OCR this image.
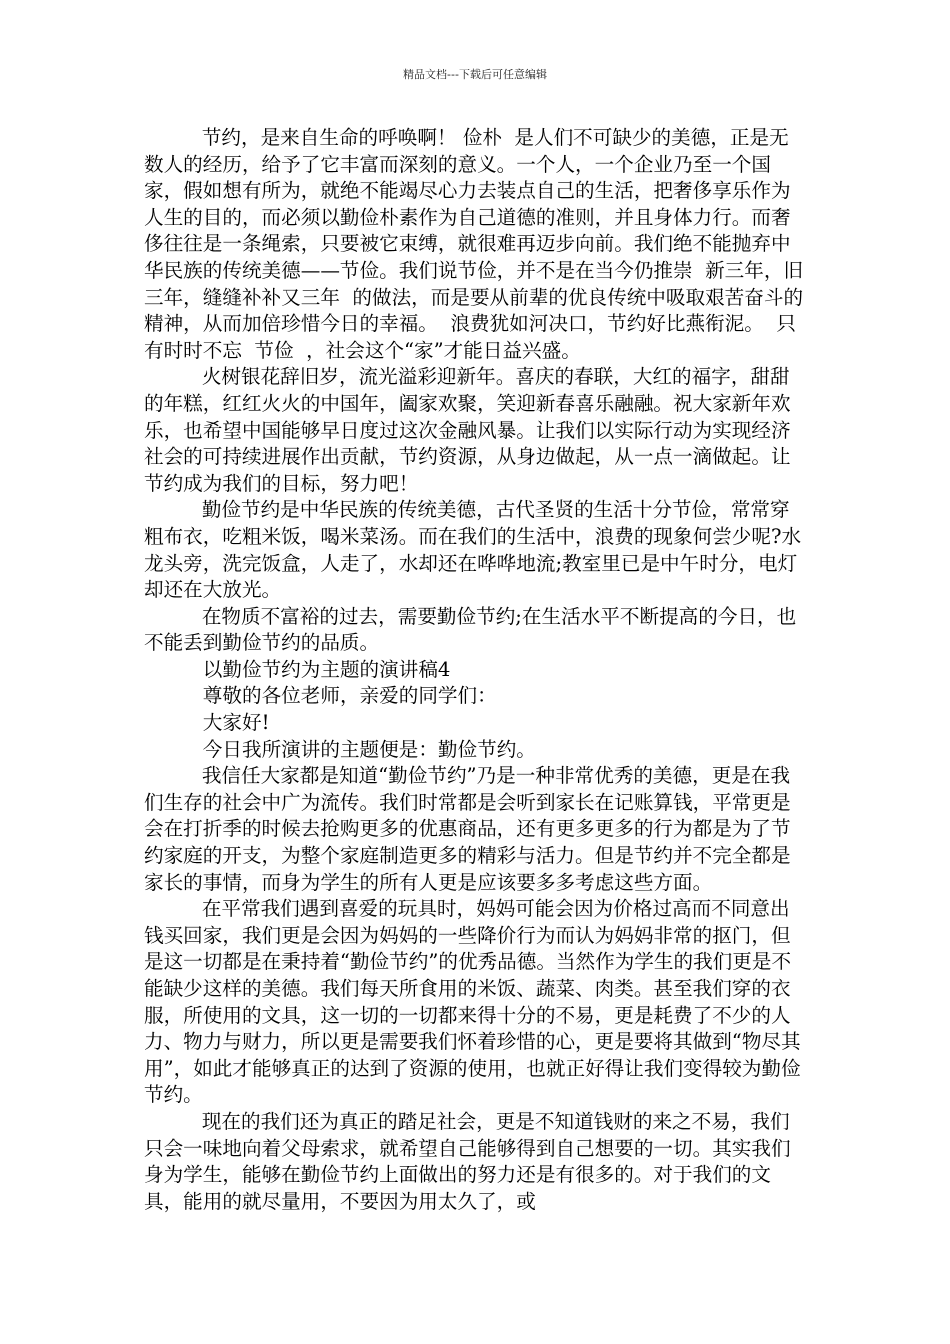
精品文档---下载后可任意编辑

节约，是来自生命的呼唤啊！ 俭朴  是人们不可缺少的美德，正是无数人的经历，给予了它丰富而深刻的意义。一个人，一个企业乃至一个国家，假如想有所为，就绝不能竭尽心力去装点自己的生活，把奢侈享乐作为人生的目的，而必须以勤俭朴素作为自己道德的准则，并且身体力行。而奢侈往往是一条绳索，只要被它束缚，就很难再迈步向前。我们绝不能抛弃中华民族的传统美德——节俭。我们说节俭，并不是在当今仍推崇  新三年，旧三年，缝缝补补又三年  的做法，而是要从前辈的优良传统中吸取艰苦奋斗的精神，从而加倍珍惜今日的幸福。  浪费犹如河决口，节约好比燕衔泥。  只有时时不忘  节俭  ，社会这个“家”才能日益兴盛。

火树银花辞旧岁，流光溢彩迎新年。喜庆的春联，大红的福字，甜甜的年糕，红红火火的中国年，阖家欢聚，笑迎新春喜乐融融。祝大家新年欢乐，也希望中国能够早日度过这次金融风暴。让我们以实际行动为实现经济社会的可持续进展作出贡献，节约资源，从身边做起，从一点一滴做起。让节约成为我们的目标，努力吧！

勤俭节约是中华民族的传统美德，古代圣贤的生活十分节俭，常常穿粗布衣，吃粗米饭，喝米菜汤。而在我们的生活中，浪费的现象何尝少呢?水龙头旁，洗完饭盒，人走了，水却还在哗哗地流;教室里已是中午时分，电灯却还在大放光。

在物质不富裕的过去，需要勤俭节约;在生活水平不断提高的今日，也不能丢到勤俭节约的品质。

以勤俭节约为主题的演讲稿4

尊敬的各位老师，亲爱的同学们：

大家好!

今日我所演讲的主题便是：勤俭节约。

我信任大家都是知道“勤俭节约”乃是一种非常优秀的美德，更是在我们生存的社会中广为流传。我们时常都是会听到家长在记账算钱，平常更是会在打折季的时候去抢购更多的优惠商品，还有更多更多的行为都是为了节约家庭的开支，为整个家庭制造更多的精彩与活力。但是节约并不完全都是家长的事情，而身为学生的所有人更是应该要多多考虑这些方面。

在平常我们遇到喜爱的玩具时，妈妈可能会因为价格过高而不同意出钱买回家，我们更是会因为妈妈的一些降价行为而认为妈妈非常的抠门，但是这一切都是在秉持着“勤俭节约”的优秀品德。当然作为学生的我们更是不能缺少这样的美德。我们每天所食用的米饭、蔬菜、肉类。甚至我们穿的衣服，所使用的文具，这一切的一切都来得十分的不易，更是耗费了不少的人力、物力与财力，所以更是需要我们怀着珍惜的心，更是要将其做到“物尽其用”，如此才能够真正的达到了资源的使用，也就正好得让我们变得较为勤俭节约。

现在的我们还为真正的踏足社会，更是不知道钱财的来之不易，我们只会一味地向着父母索求，就希望自己能够得到自己想要的一切。其实我们身为学生，能够在勤俭节约上面做出的努力还是有很多的。对于我们的文具，能用的就尽量用，不要因为用太久了，或
